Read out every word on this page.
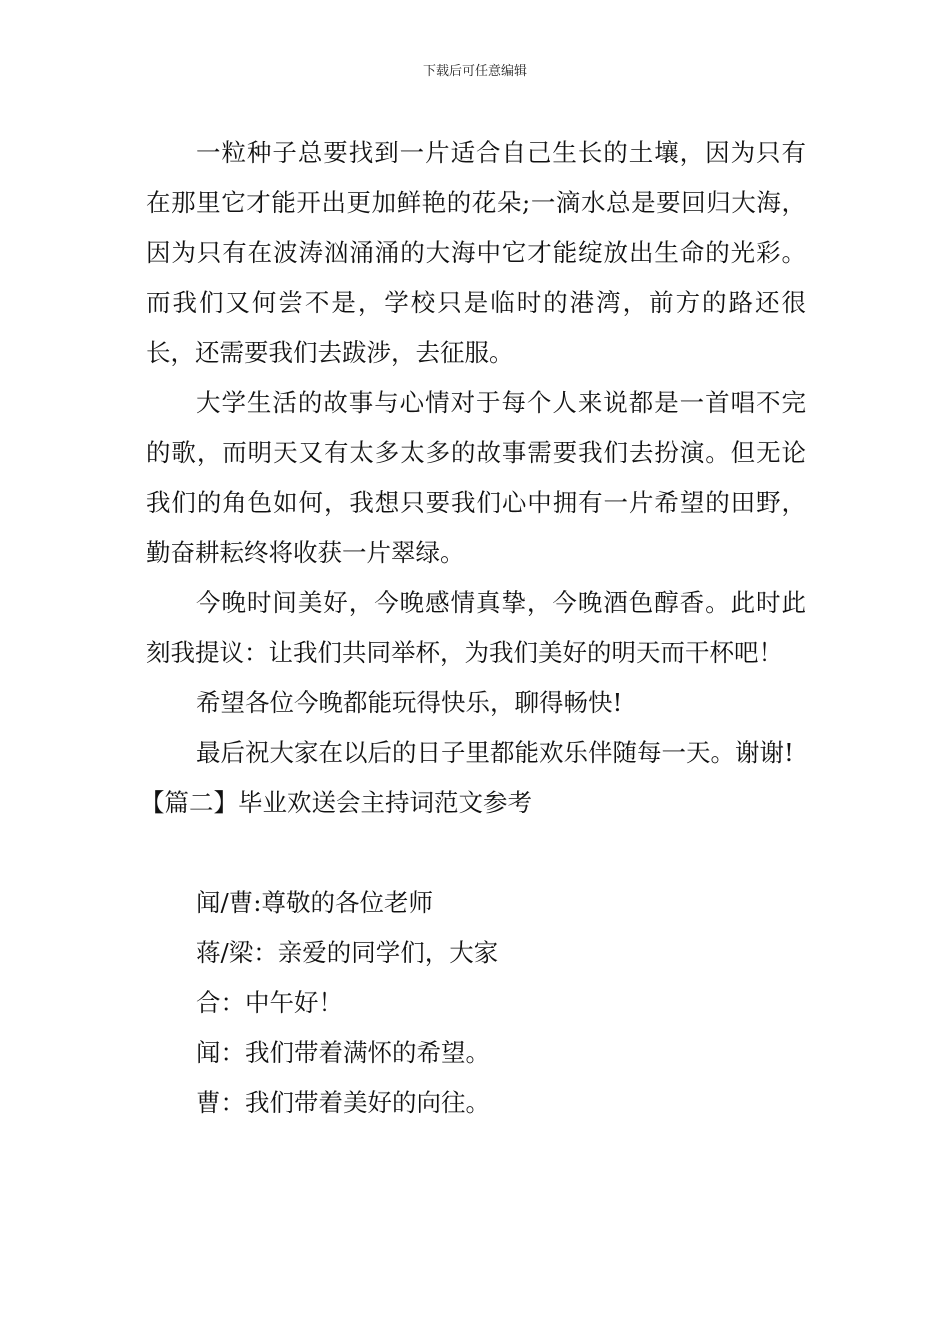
下载后可任意编辑

一粒种子总要找到一片适合自己生长的土壤，因为只有在那里它才能开出更加鲜艳的花朵;一滴水总是要回归大海，因为只有在波涛汹涌涌的大海中它才能绽放出生命的光彩。而我们又何尝不是，学校只是临时的港湾，前方的路还很长，还需要我们去跋涉，去征服。

大学生活的故事与心情对于每个人来说都是一首唱不完的歌，而明天又有太多太多的故事需要我们去扮演。但无论我们的角色如何，我想只要我们心中拥有一片希望的田野，勤奋耕耘终将收获一片翠绿。

今晚时间美好，今晚感情真挚，今晚酒色醇香。此时此刻我提议：让我们共同举杯，为我们美好的明天而干杯吧！

希望各位今晚都能玩得快乐，聊得畅快!

最后祝大家在以后的日子里都能欢乐伴随每一天。谢谢!

【篇二】毕业欢送会主持词范文参考

闻/曹:尊敬的各位老师

蒋/梁：亲爱的同学们，大家

合：中午好！

闻：我们带着满怀的希望。

曹：我们带着美好的向往。
